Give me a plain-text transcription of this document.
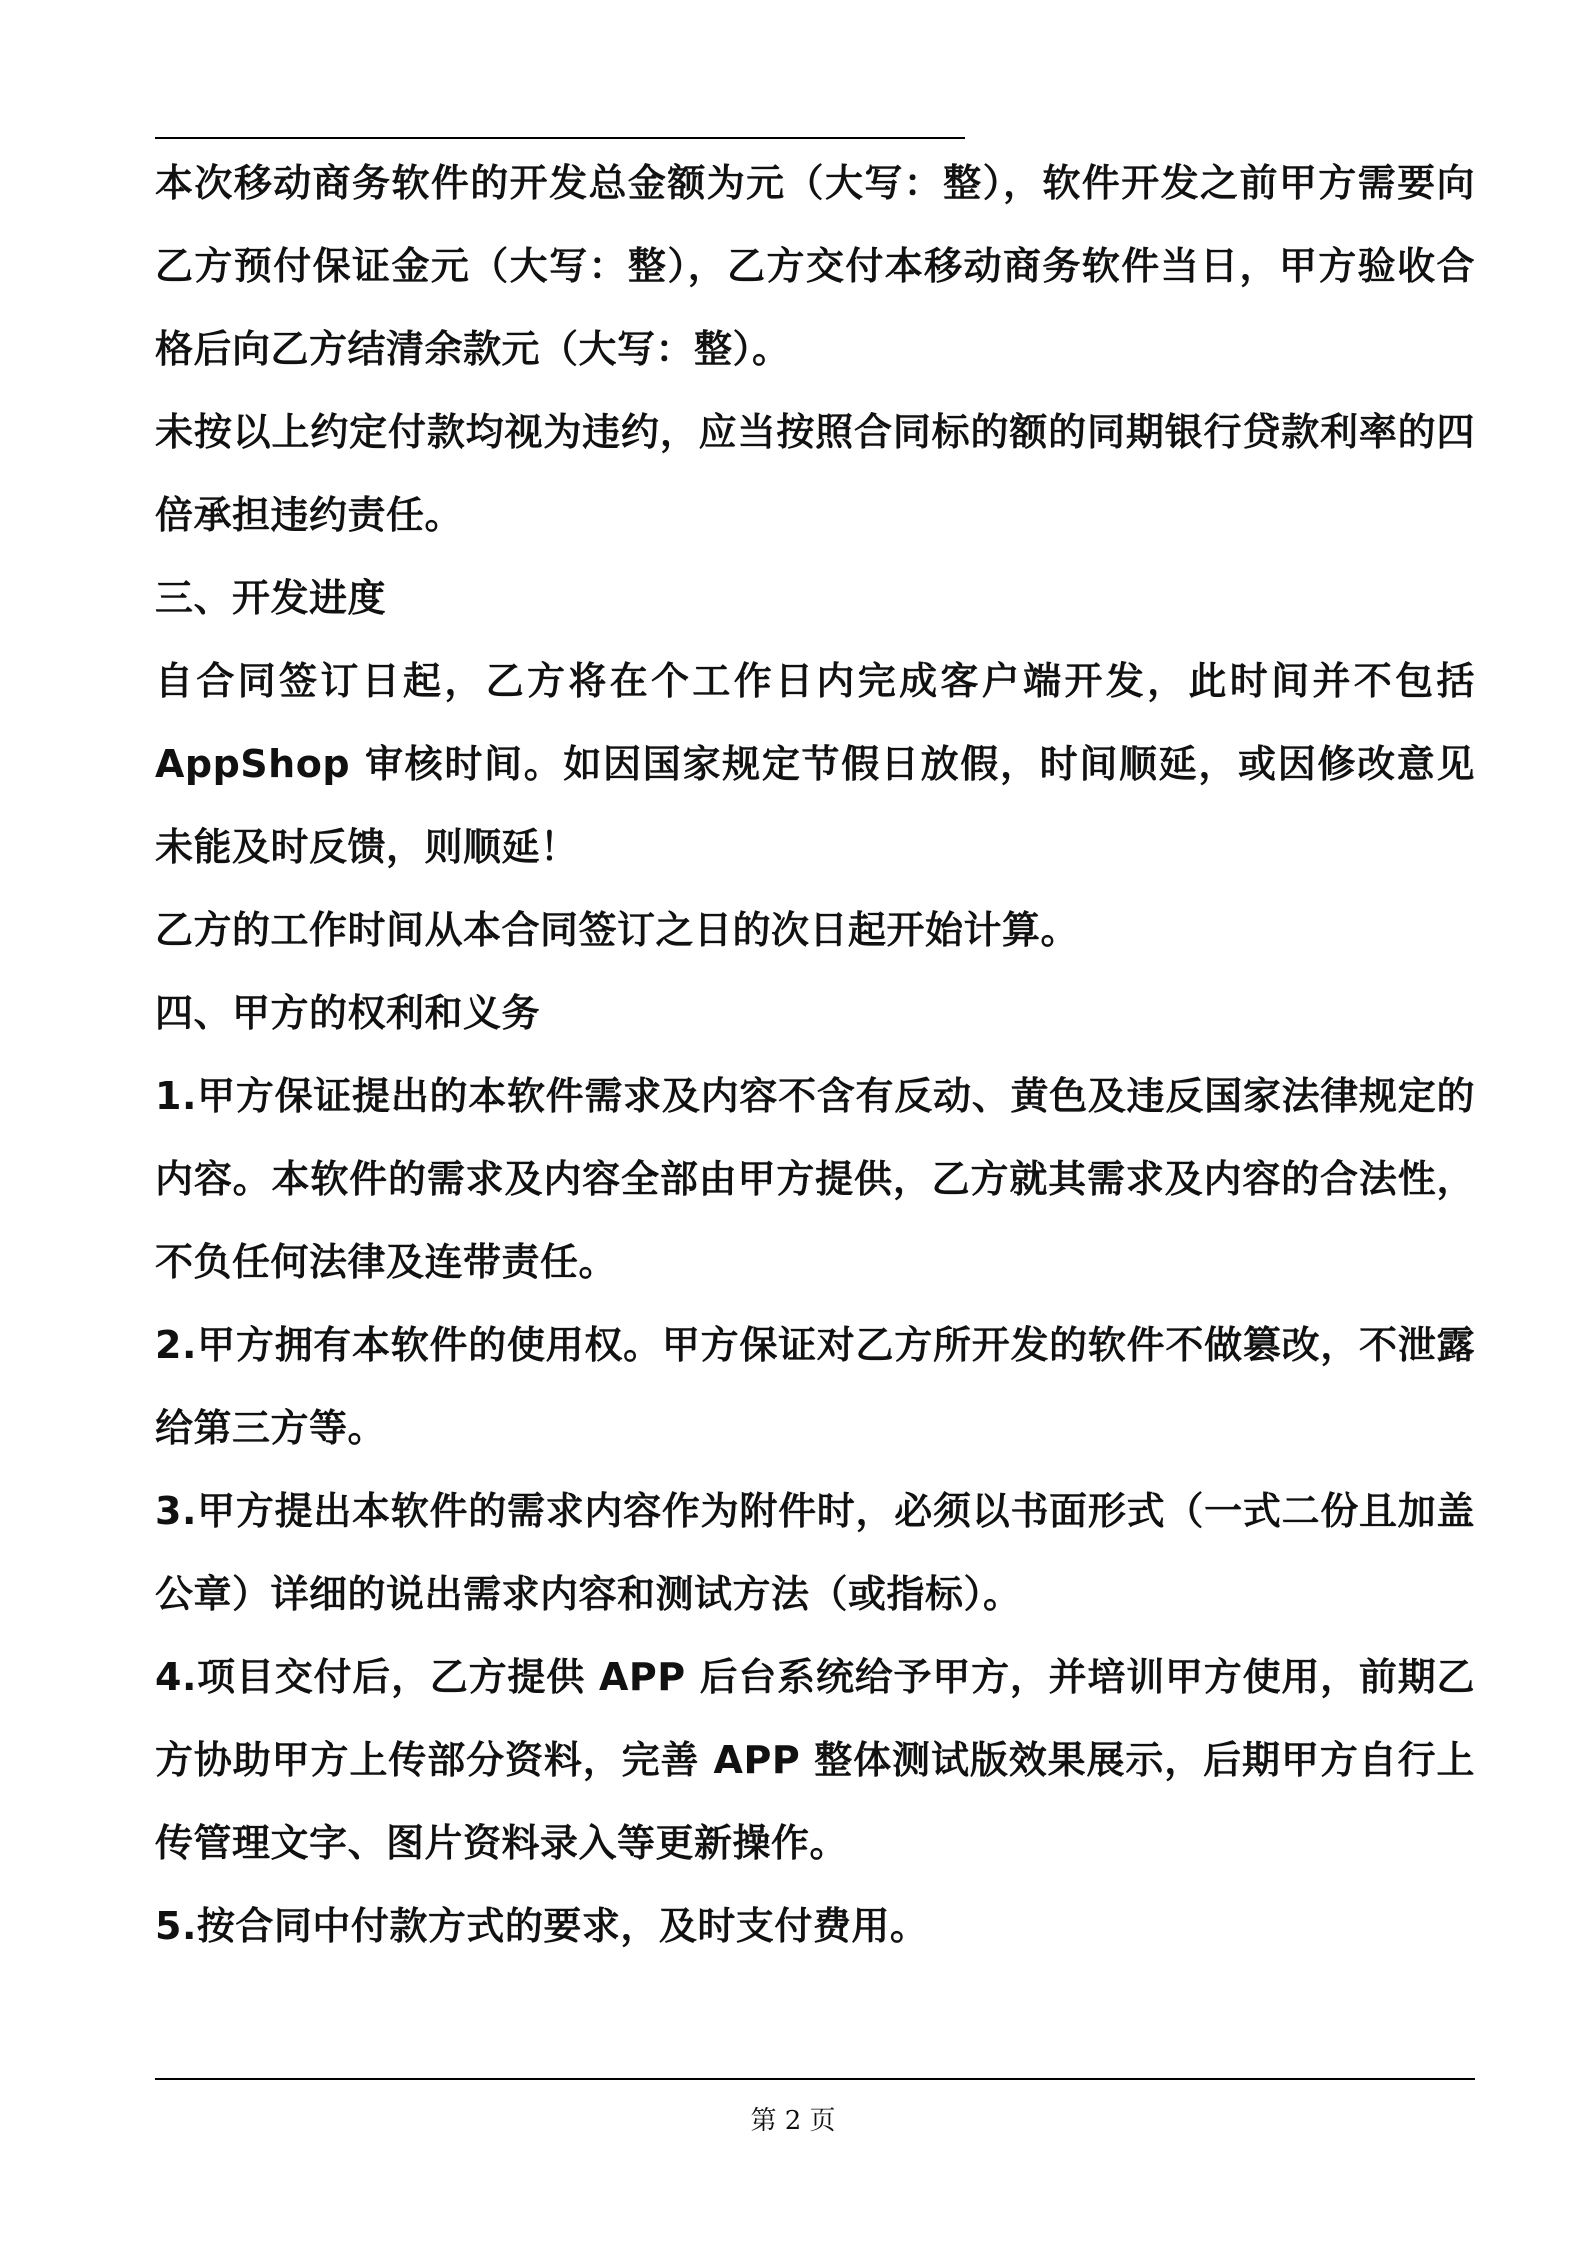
本次移动商务软件的开发总金额为元（大写：整），软件开发之前甲方需要向乙方预付保证金元（大写：整），乙方交付本移动商务软件当日，甲方验收合格后向乙方结清余款元（大写：整）。

未按以上约定付款均视为违约，应当按照合同标的额的同期银行贷款利率的四倍承担违约责任。

三、开发进度

自合同签订日起，乙方将在个工作日内完成客户端开发，此时间并不包括AppShop 审核时间。如因国家规定节假日放假，时间顺延，或因修改意见未能及时反馈，则顺延！

乙方的工作时间从本合同签订之日的次日起开始计算。

四、甲方的权利和义务

1.甲方保证提出的本软件需求及内容不含有反动、黄色及违反国家法律规定的内容。本软件的需求及内容全部由甲方提供，乙方就其需求及内容的合法性，不负任何法律及连带责任。

2.甲方拥有本软件的使用权。甲方保证对乙方所开发的软件不做篡改，不泄露给第三方等。

3.甲方提出本软件的需求内容作为附件时，必须以书面形式（一式二份且加盖公章）详细的说出需求内容和测试方法（或指标）。

4.项目交付后，乙方提供 APP 后台系统给予甲方，并培训甲方使用，前期乙方协助甲方上传部分资料，完善 APP 整体测试版效果展示，后期甲方自行上传管理文字、图片资料录入等更新操作。

5.按合同中付款方式的要求，及时支付费用。

第 2 页
